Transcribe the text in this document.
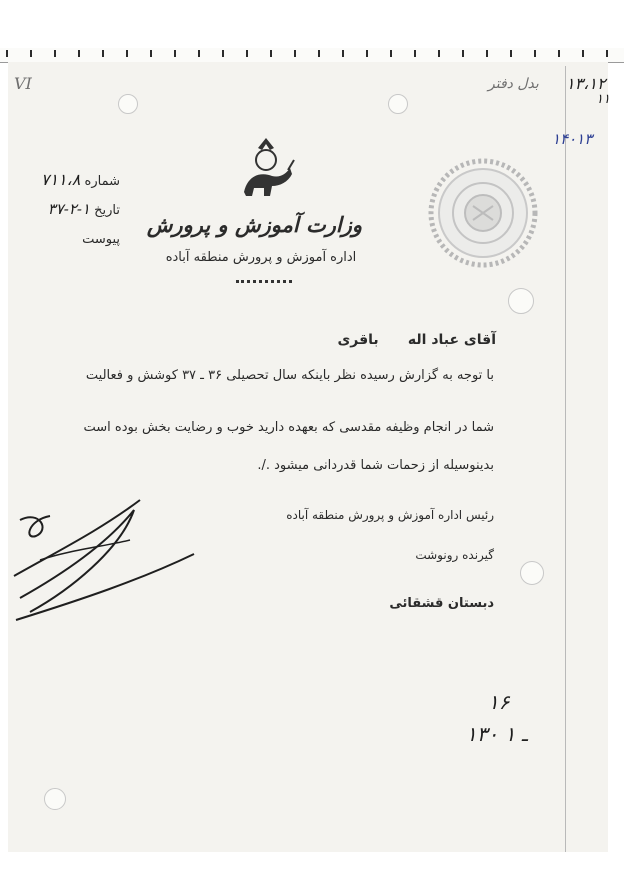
VI	بدل دفتر ۱۳،۱۲
۱۱
۱۴۰۱۳
شماره ۷۱۱،۸
تاریخ ۱-۲-۳۷
پیوست
وزارت آموزش و پرورش
اداره آموزش و پرورش منطقه آباده
آقای عباد اله      باقری
با توجه به گزارش رسیده نظر باینکه سال تحصیلی ۳۶ ـ ۳۷ کوشش و فعالیت
شما در انجام وظیفه مقدسی که بعهده دارید خوب و رضایت بخش بوده است
بدینوسیله از زحمات شما قدردانی میشود ./.
رئیس اداره آموزش و پرورش منطقه آباده
گیرنده رونوشت
دبستان قشقائی
۱۶
۱۳۰ ـ ۱
